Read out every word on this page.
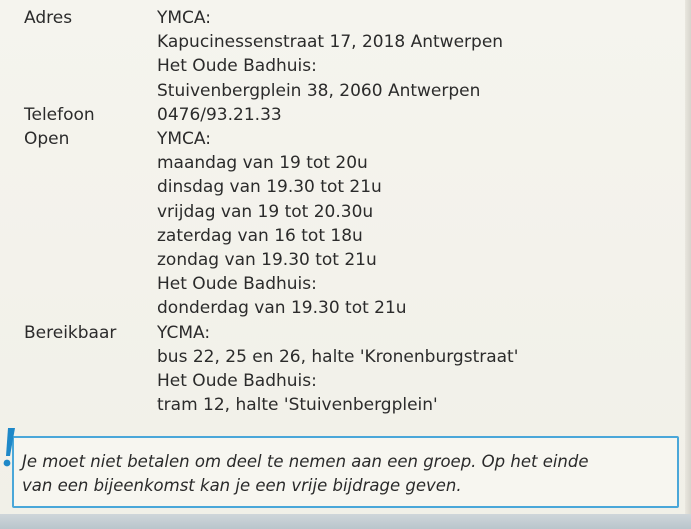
Adres	YMCA:
Kapucinessenstraat 17, 2018 Antwerpen
Het Oude Badhuis:
Stuivenbergplein 38, 2060 Antwerpen
Telefoon	0476/93.21.33
Open	YMCA:
maandag van 19 tot 20u
dinsdag van 19.30 tot 21u
vrijdag van 19 tot 20.30u
zaterdag van 16 tot 18u
zondag van 19.30 tot 21u
Het Oude Badhuis:
donderdag van 19.30 tot 21u
Bereikbaar	YCMA:
bus 22, 25 en 26, halte 'Kronenburgstraat'
Het Oude Badhuis:
tram 12, halte 'Stuivenbergplein'
Je moet niet betalen om deel te nemen aan een groep. Op het einde
van een bijeenkomst kan je een vrije bijdrage geven.
